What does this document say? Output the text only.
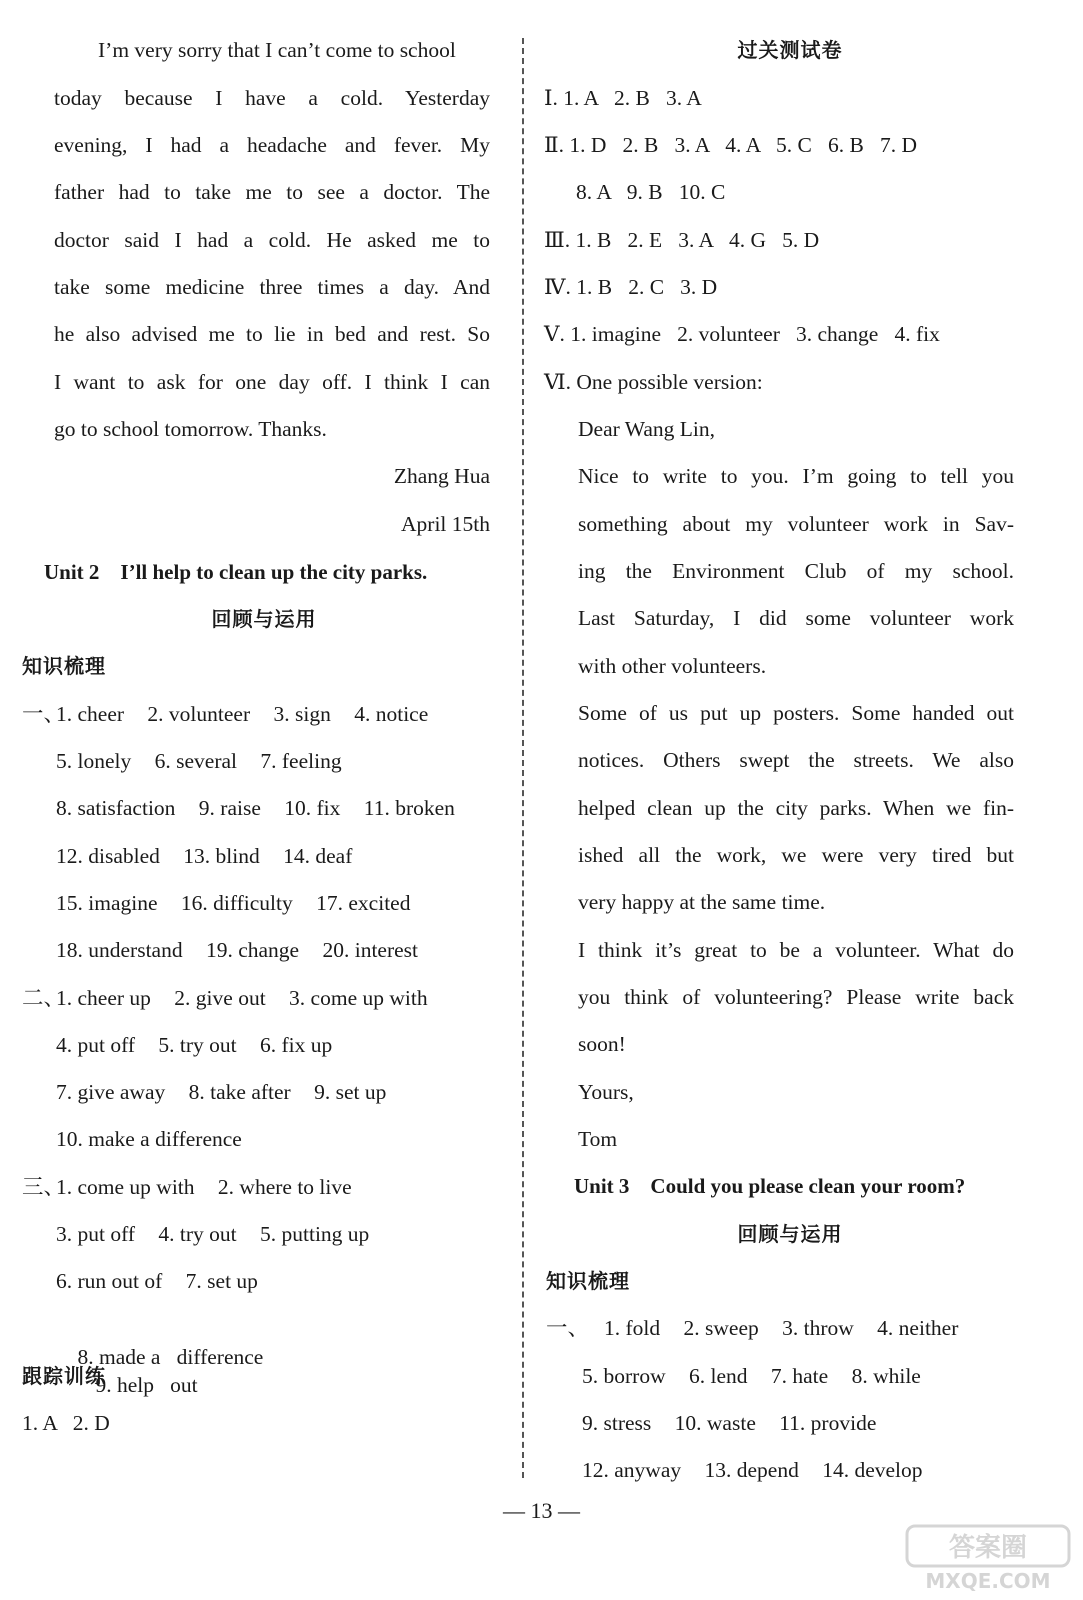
I’m very sorry that I can’t come to school
today because I have a cold. Yesterday
evening, I had a headache and fever. My
father had to take me to see a doctor. The
doctor said I had a cold. He asked me to
take some medicine three times a day. And
he also advised me to lie in bed and rest. So
I want to ask for one day off. I think I can
go to school tomorrow. Thanks.
Zhang Hua
April 15th
Unit 2    I’ll help to clean up the city parks.
回顾与运用
知识梳理
一、
1. cheer 2. volunteer 3. sign 4. notice
5. lonely 6. several 7. feeling
8. satisfaction 9. raise 10. fix 11. broken
12. disabled 13. blind 14. deaf
15. imagine 16. difficulty 17. excited
18. understand 19. change 20. interest
二、
1. cheer up 2. give out 3. come up with
4. put off 5. try out 6. fix up
7. give away 8. take after 9. set up
10. make a difference
三、
1. come up with 2. where to live
3. put off 4. try out 5. putting up
6. run out of 7. set up

8. made a   difference
9. help   out

跟踪训练
1. A   2. D
过关测试卷
Ⅰ. 1. A   2. B   3. A
Ⅱ. 1. D   2. B   3. A   4. A   5. C   6. B   7. D
8. A   9. B   10. C
Ⅲ. 1. B   2. E   3. A   4. G   5. D
Ⅳ. 1. B   2. C   3. D
Ⅴ. 1. imagine   2. volunteer   3. change   4. fix
Ⅵ. One possible version:
Dear Wang Lin,
Nice to write to you. I’m going to tell you
something about my volunteer work in Sav-
ing the Environment Club of my school.
Last Saturday, I did some volunteer work
with other volunteers.
Some of us put up posters. Some handed out
notices. Others swept the streets. We also
helped clean up the city parks. When we fin-
ished all the work, we were very tired but
very happy at the same time.
I think it’s great to be a volunteer. What do
you think of volunteering? Please write back
soon!
Yours,
Tom
Unit 3    Could you please clean your room?
回顾与运用
知识梳理
一、 1. fold 2. sweep 3. throw 4. neither
5. borrow 6. lend 7. hate 8. while
9. stress 10. waste 11. provide
12. anyway 13. depend 14. develop
— 13 —
答案圈
MXQE.COM
